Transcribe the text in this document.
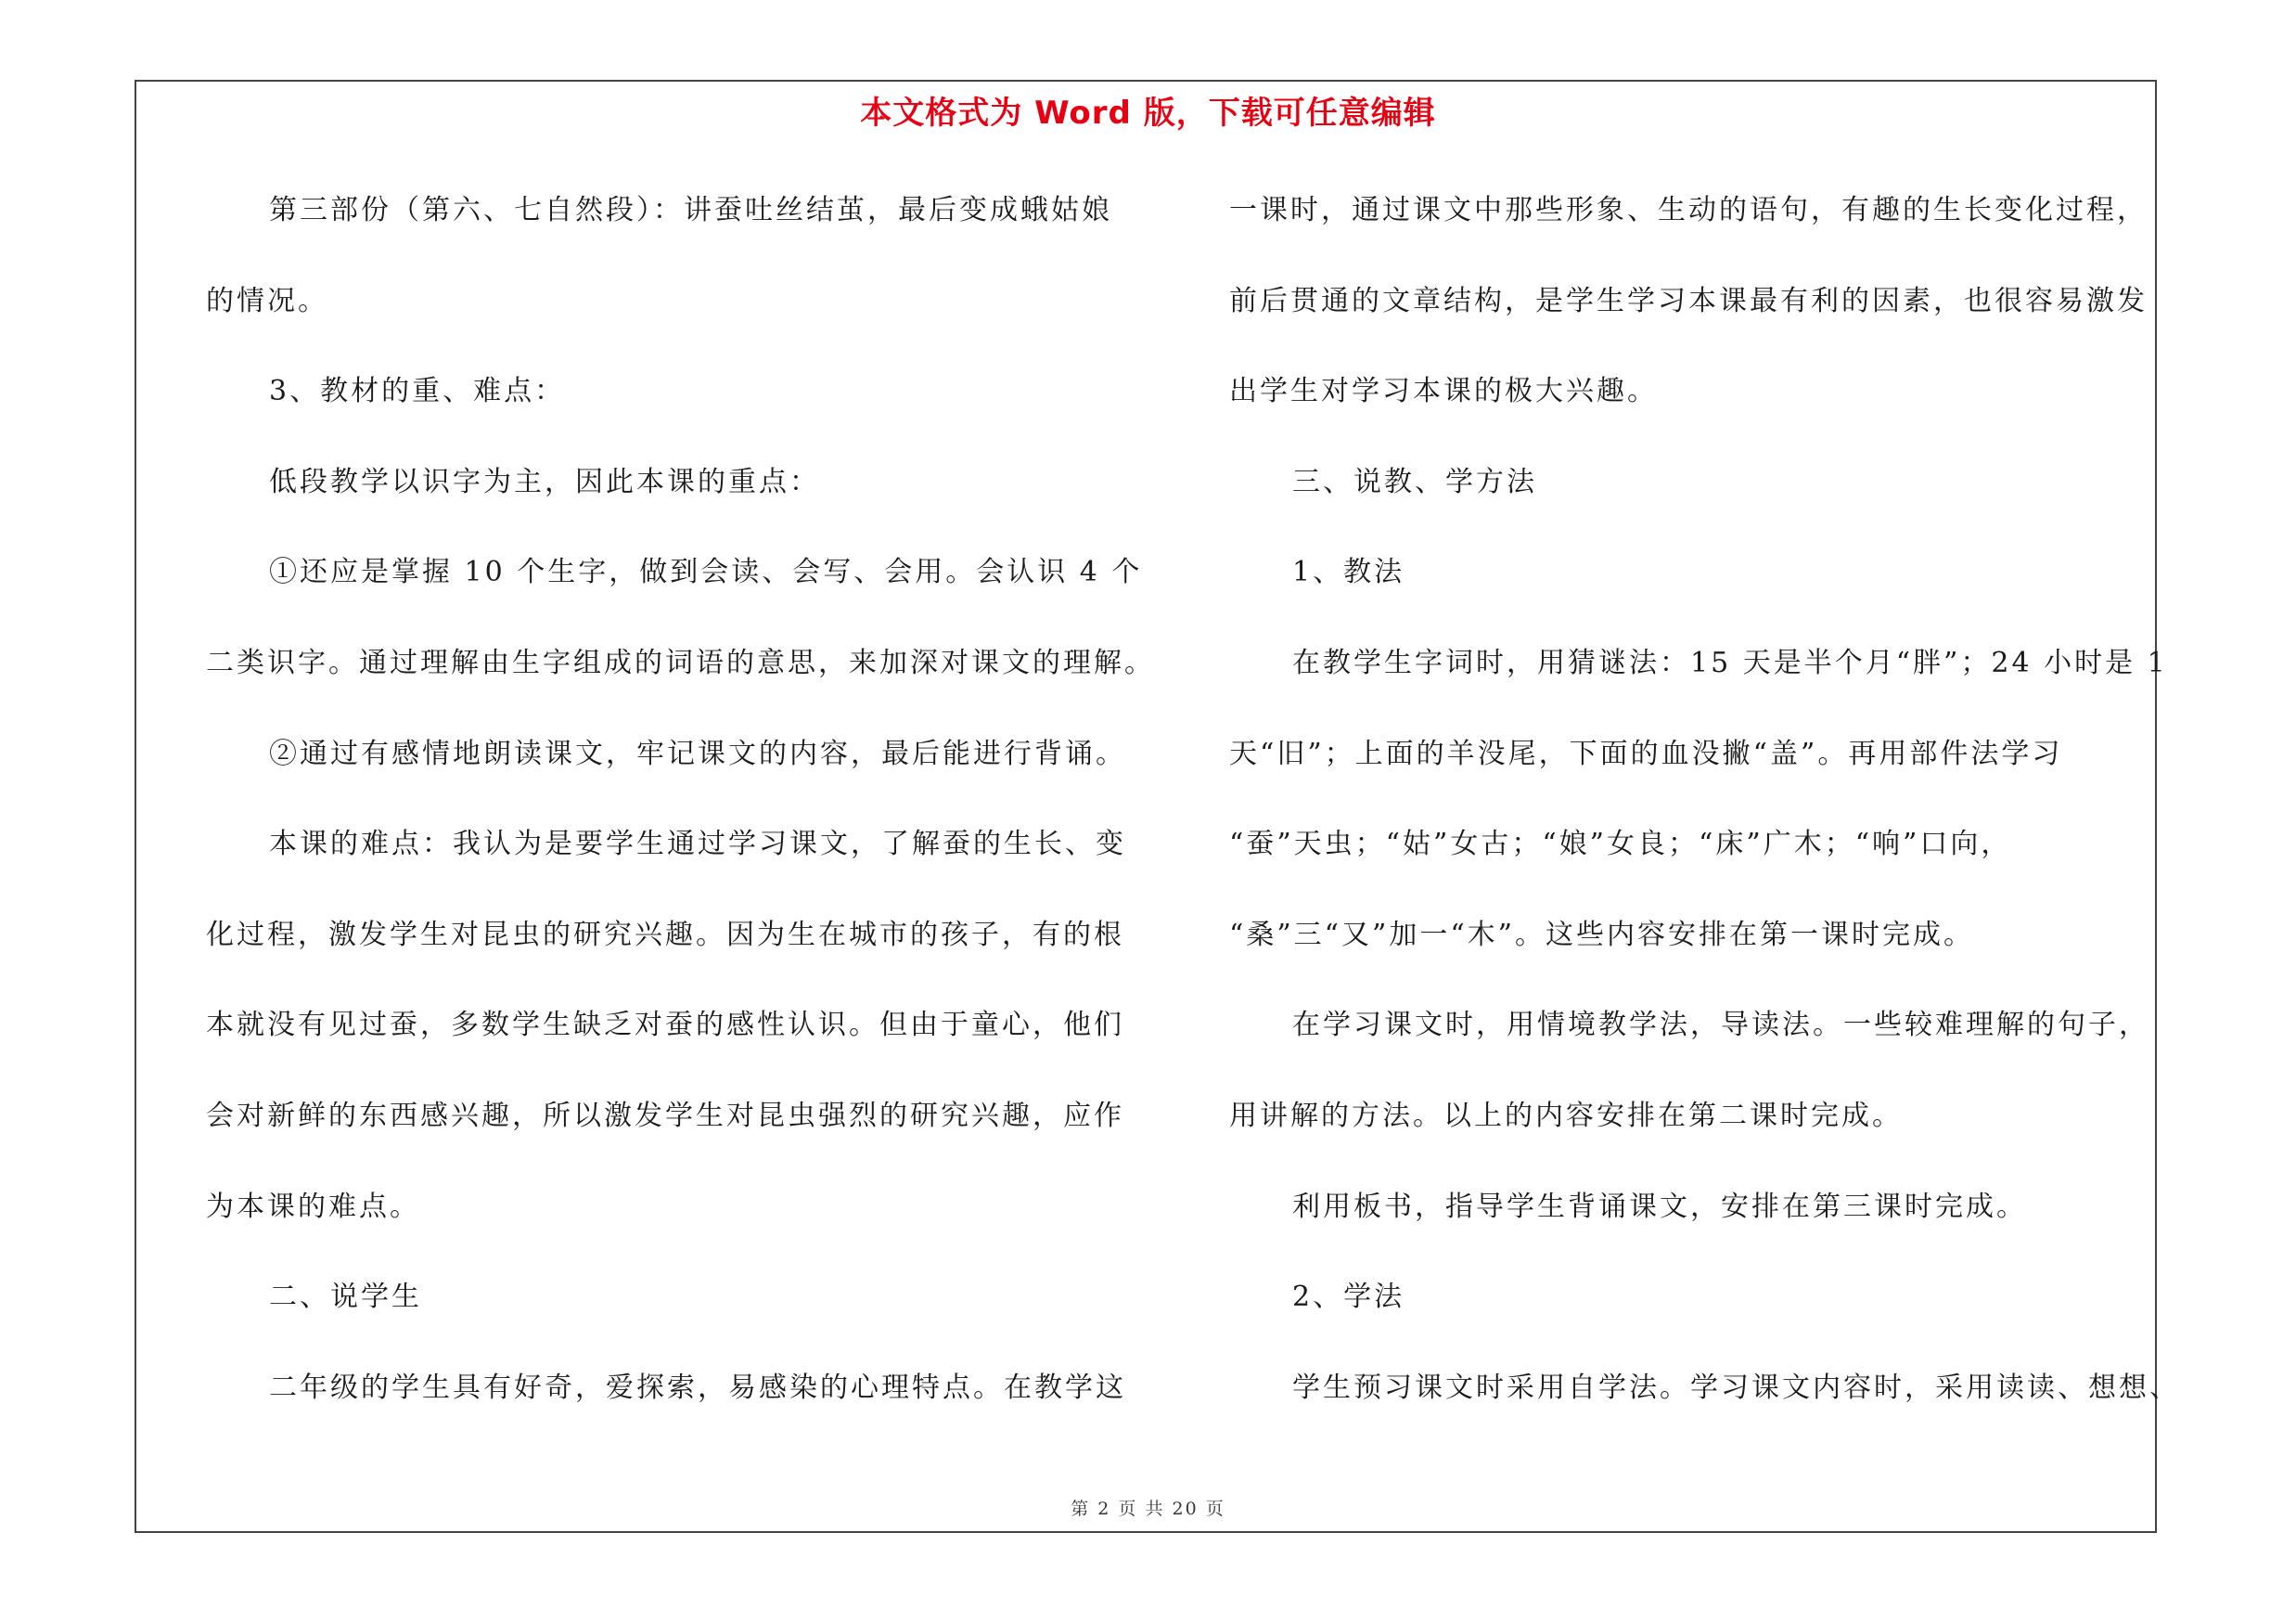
本文格式为 Word 版，下载可任意编辑
第三部份（第六、七自然段）：讲蚕吐丝结茧，最后变成蛾姑娘
的情况。
3、教材的重、难点：
低段教学以识字为主，因此本课的重点：
①还应是掌握 10 个生字，做到会读、会写、会用。会认识 4 个
二类识字。通过理解由生字组成的词语的意思，来加深对课文的理解。
②通过有感情地朗读课文，牢记课文的内容，最后能进行背诵。
本课的难点：我认为是要学生通过学习课文，了解蚕的生长、变
化过程，激发学生对昆虫的研究兴趣。因为生在城市的孩子，有的根
本就没有见过蚕，多数学生缺乏对蚕的感性认识。但由于童心，他们
会对新鲜的东西感兴趣，所以激发学生对昆虫强烈的研究兴趣，应作
为本课的难点。
二、说学生
二年级的学生具有好奇，爱探索，易感染的心理特点。在教学这
一课时，通过课文中那些形象、生动的语句，有趣的生长变化过程，
前后贯通的文章结构，是学生学习本课最有利的因素，也很容易激发
出学生对学习本课的极大兴趣。
三、说教、学方法
1、教法
在教学生字词时，用猜谜法：15 天是半个月“胖”；24 小时是 1
天“旧”；上面的羊没尾，下面的血没撇“盖”。再用部件法学习
“蚕”天虫；“姑”女古；“娘”女良；“床”广木；“响”口向，
“桑”三“又”加一“木”。这些内容安排在第一课时完成。
在学习课文时，用情境教学法，导读法。一些较难理解的句子，
用讲解的方法。以上的内容安排在第二课时完成。
利用板书，指导学生背诵课文，安排在第三课时完成。
2、学法
学生预习课文时采用自学法。学习课文内容时，采用读读、想想、
第 2 页 共 20 页
